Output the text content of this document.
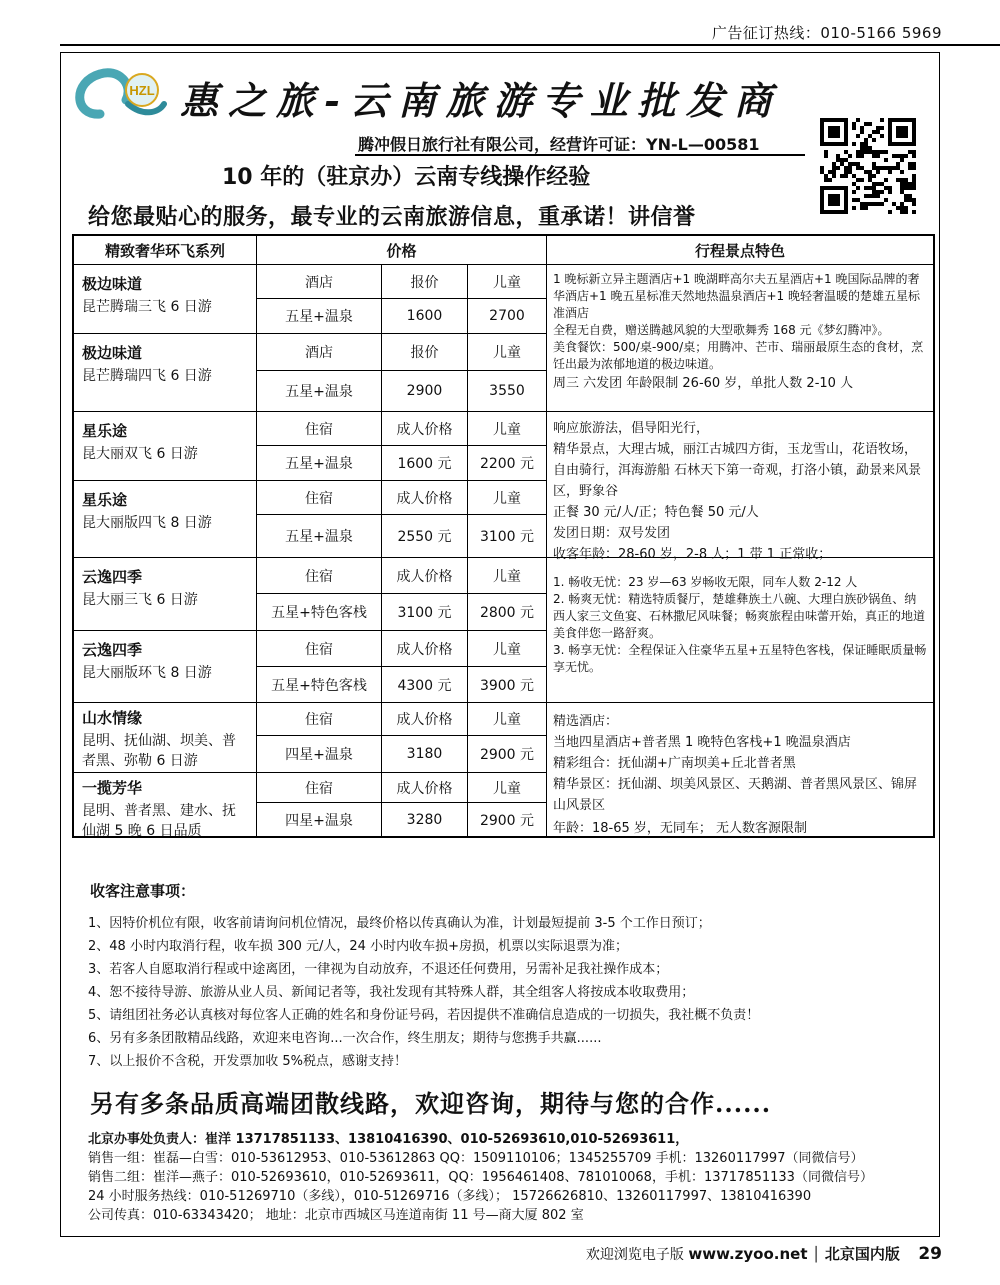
广告征订热线：010-5166 5969
HZL 惠之旅-云南旅游专业批发商
腾冲假日旅行社有限公司，经营许可证：YN-L—00581
10 年的（驻京办）云南专线操作经验
给您最贴心的服务，最专业的云南旅游信息，重承诺！讲信誉
精致奢华环飞系列	价格	行程景点特色
极边味道
昆芒腾瑞三飞 6 日游
酒店	报价	儿童
五星+温泉	1600	2700
极边味道
昆芒腾瑞四飞 6 日游
酒店	报价	儿童
五星+温泉	2900	3550
1 晚标新立异主题酒店+1 晚湖畔高尔夫五星酒店+1 晚国际品牌的奢华酒店+1 晚五星标准天然地热温泉酒店+1 晚轻奢温暖的楚雄五星标准酒店
全程无自费，赠送腾越风貌的大型歌舞秀 168 元《梦幻腾冲》。
美食餐饮：500/桌-900/桌；用腾冲、芒市、瑞丽最原生态的食材，烹饪出最为浓郁地道的极边味道。
周三 六发团 年龄限制 26-60 岁，单批人数 2-10 人
星乐途
昆大丽双飞 6 日游
住宿	成人价格	儿童
五星+温泉	1600 元	2200 元
星乐途
昆大丽版四飞 8 日游
住宿	成人价格	儿童
五星+温泉	2550 元	3100 元
响应旅游法，倡导阳光行，
精华景点，大理古城，丽江古城四方街，玉龙雪山，花语牧场，自由骑行，洱海游船 石林天下第一奇观，打洛小镇，勐景来风景区，野象谷
正餐 30 元/人/正；特色餐 50 元/人
发团日期：双号发团
收客年龄：28-60 岁，2-8 人；1 带 1 正常收；
云逸四季
昆大丽三飞 6 日游
住宿	成人价格	儿童
五星+特色客栈	3100 元	2800 元
云逸四季
昆大丽版环飞 8 日游
住宿	成人价格	儿童
五星+特色客栈	4300 元	3900 元
1. 畅收无忧：23 岁—63 岁畅收无限，同车人数 2-12 人
2. 畅爽无忧：精选特质餐厅，楚雄彝族土八碗、大理白族砂锅鱼、纳西人家三文鱼宴、石林撒尼风味餐；畅爽旅程由味蕾开始，真正的地道美食伴您一路舒爽。
3. 畅享无忧：全程保证入住豪华五星+五星特色客栈，保证睡眠质量畅享无忧。
山水情缘
昆明、抚仙湖、坝美、普者黑、弥勒 6 日游
住宿	成人价格	儿童
四星+温泉	3180	2900 元
一揽芳华
昆明、普者黑、建水、抚仙湖 5 晚 6 日品质
住宿	成人价格	儿童
四星+温泉	3280	2900 元
精选酒店：
当地四星酒店+普者黑 1 晚特色客栈+1 晚温泉酒店
精彩组合：抚仙湖+广南坝美+丘北普者黑
精华景区：抚仙湖、坝美风景区、天鹅湖、普者黑风景区、锦屏山风景区
年龄：18-65 岁，无同车； 无人数客源限制
收客注意事项：
1、因特价机位有限，收客前请询问机位情况，最终价格以传真确认为准，计划最短提前 3-5 个工作日预订；
2、48 小时内取消行程，收车损 300 元/人，24 小时内收车损+房损，机票以实际退票为准；
3、若客人自愿取消行程或中途离团，一律视为自动放弃，不退还任何费用，另需补足我社操作成本；
4、恕不接待导游、旅游从业人员、新闻记者等，我社发现有其特殊人群，其全组客人将按成本收取费用；
5、请组团社务必认真核对每位客人正确的姓名和身份证号码，若因提供不准确信息造成的一切损失，我社概不负责！
6、另有多条团散精品线路，欢迎来电咨询...一次合作，终生朋友；期待与您携手共赢......
7、以上报价不含税，开发票加收 5%税点，感谢支持！
另有多条品质高端团散线路，欢迎咨询，期待与您的合作......
北京办事处负责人：崔洋 13717851133、13810416390、010-52693610,010-52693611，
销售一组：崔磊—白雪：010-53612953、010-53612863 QQ：1509110106；1345255709 手机：13260117997（同微信号）
销售二组：崔洋—燕子：010-52693610，010-52693611，QQ：1956461408、781010068，手机：13717851133（同微信号）
24 小时服务热线：010-51269710（多线），010-51269716（多线）； 15726626810、13260117997、13810416390
公司传真：010-63343420； 地址：北京市西城区马连道南街 11 号—商大厦 802 室
欢迎浏览电子版 www.zyoo.net │ 北京国内版 29
